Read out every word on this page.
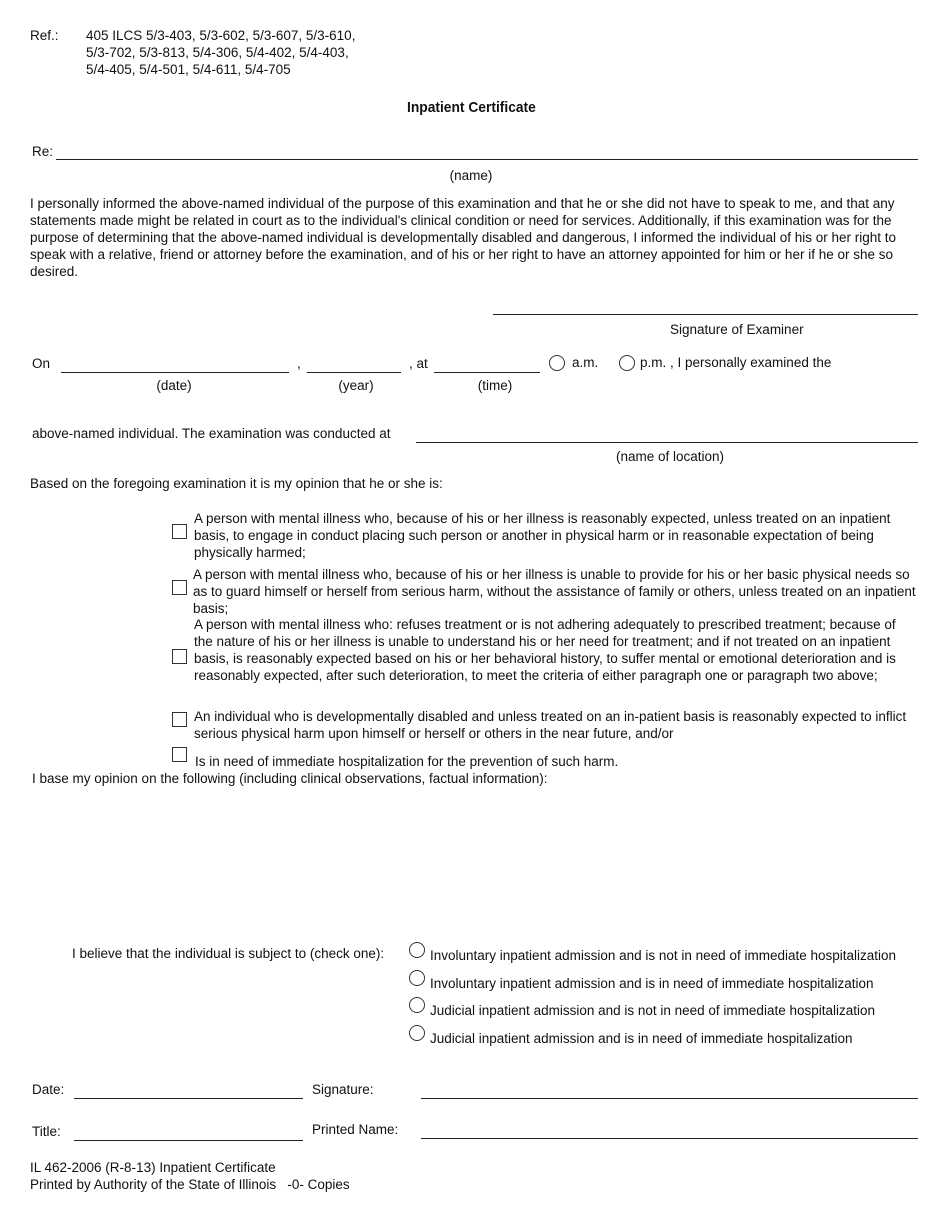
Ref.: 405 ILCS 5/3-403, 5/3-602, 5/3-607, 5/3-610,
5/3-702, 5/3-813, 5/4-306, 5/4-402, 5/4-403,
5/4-405, 5/4-501, 5/4-611, 5/4-705
Inpatient Certificate
Re:
(name)
I personally informed the above-named individual of the purpose of this examination and that he or she did not have to speak to me, and that any statements made might be related in court as to the individual's clinical condition or need for services. Additionally, if this examination was for the purpose of determining that the above-named individual is developmentally disabled and dangerous, I informed the individual of his or her right to speak with a relative, friend or attorney before the examination, and of his or her right to have an attorney appointed for him or her if he or she so desired.
Signature of Examiner
On	,	, at	a.m.	p.m. , I personally examined the
(date)	(year)	(time)
above-named individual. The examination was conducted at
(name of location)
Based on the foregoing examination it is my opinion that he or she is:
A person with mental illness who, because of his or her illness is reasonably expected, unless treated on an inpatient basis, to engage in conduct placing such person or another in physical harm or in reasonable expectation of being physically harmed;
A person with mental illness who, because of his or her illness is unable to provide for his or her basic physical needs so as to guard himself or herself from serious harm, without the assistance of family or others, unless treated on an inpatient basis;
A person with mental illness who: refuses treatment or is not adhering adequately to prescribed treatment; because of the nature of his or her illness is unable to understand his or her need for treatment; and if not treated on an inpatient basis, is reasonably expected based on his or her behavioral history, to suffer mental or emotional deterioration and is reasonably expected, after such deterioration, to meet the criteria of either paragraph one or paragraph two above;
An individual who is developmentally disabled and unless treated on an in-patient basis is reasonably expected to inflict serious physical harm upon himself or herself or others in the near future, and/or
Is in need of immediate hospitalization for the prevention of such harm.
I base my opinion on the following (including clinical observations, factual information):
I believe that the individual is subject to (check one):	Involuntary inpatient admission and is not in need of immediate hospitalization
Involuntary inpatient admission and is in need of immediate hospitalization
Judicial inpatient admission and is not in need of immediate hospitalization
Judicial inpatient admission and is in need of immediate hospitalization
Date:	Signature:
Title:	Printed Name:
IL 462-2006 (R-8-13) Inpatient Certificate
Printed by Authority of the State of Illinois   -0- Copies
